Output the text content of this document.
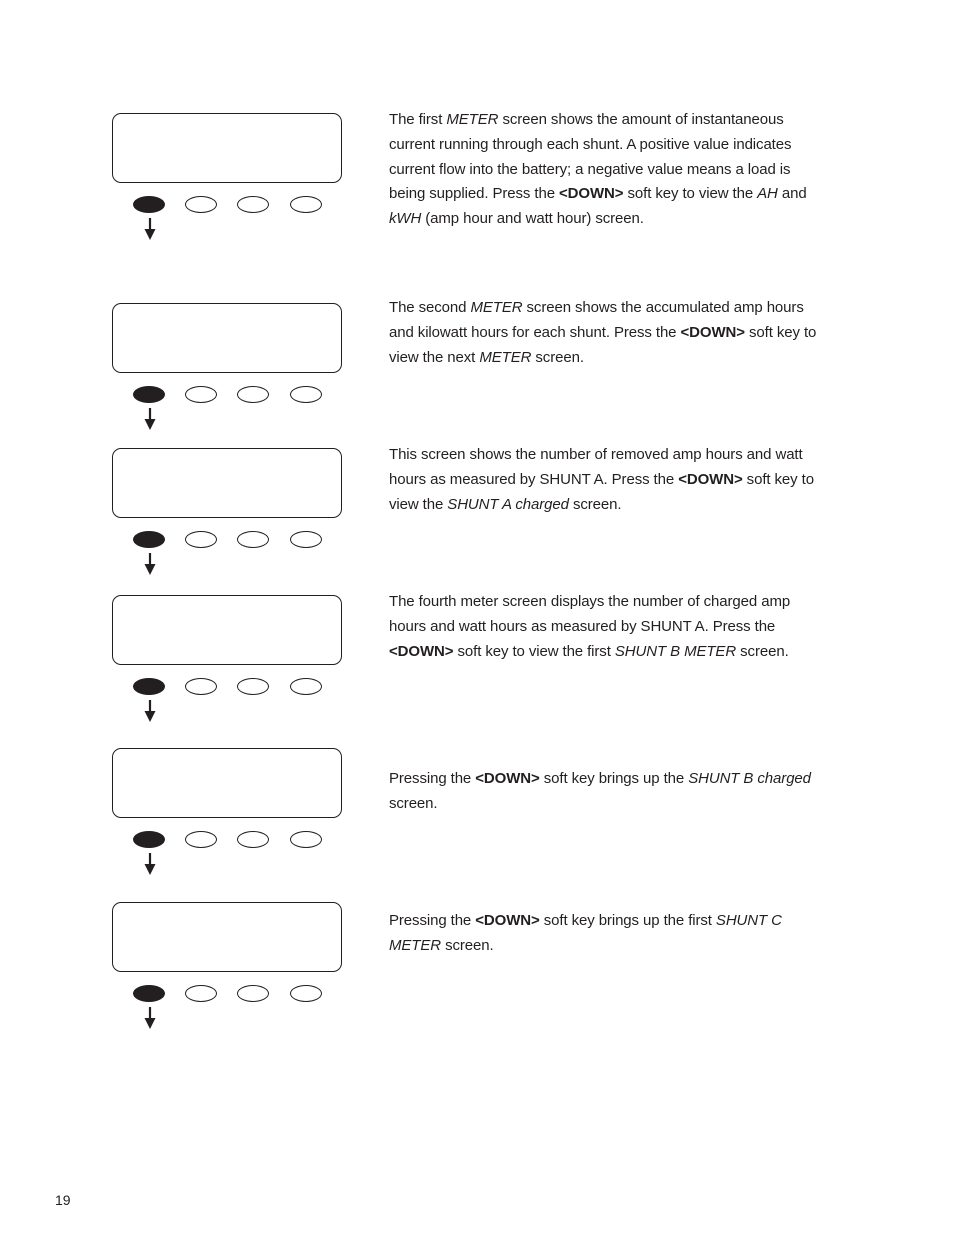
The first METER screen shows the amount of instantaneous current running through each shunt. A positive value indicates current flow into the battery; a negative value means a load is being supplied. Press the <DOWN> soft key to view the AH and kWH (amp hour and watt hour) screen.

The second METER screen shows the accumulated amp hours and kilowatt hours for each shunt. Press the <DOWN> soft key to view the next METER screen.

This screen shows the number of removed amp hours and watt hours as measured by SHUNT A. Press the <DOWN> soft key to view the SHUNT A charged screen.

The fourth meter screen displays the number of charged amp hours and watt hours as measured by SHUNT A. Press the <DOWN> soft key to view the first SHUNT B METER screen.

Pressing the <DOWN> soft key brings up the SHUNT B charged screen.

Pressing the <DOWN> soft key brings up the first SHUNT C METER screen.

19
